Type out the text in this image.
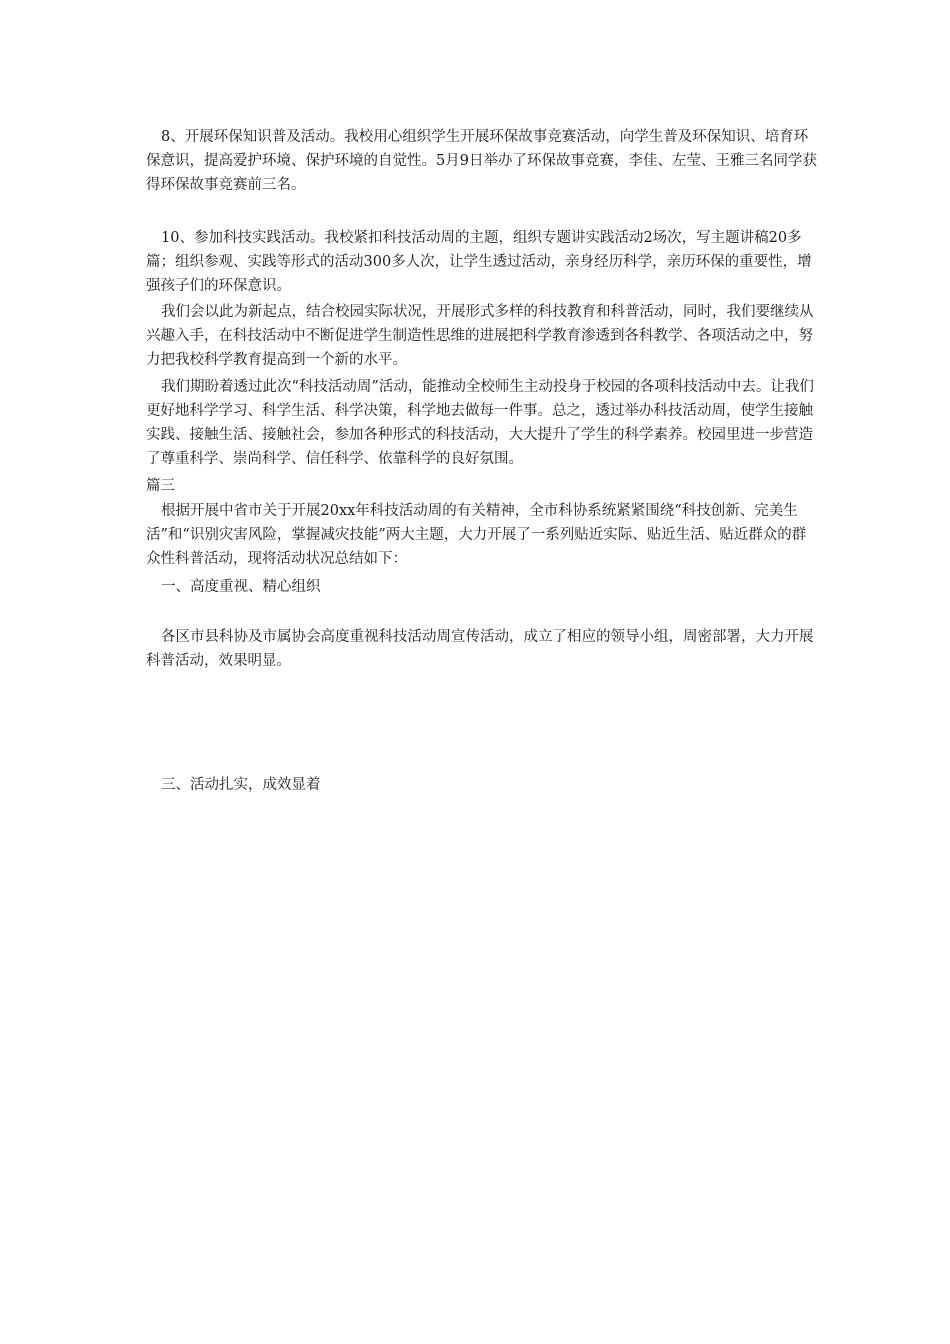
8、开展环保知识普及活动。我校用心组织学生开展环保故事竞赛活动，向学生普及环保知识、培育环保意识，提高爱护环境、保护环境的自觉性。5月9日举办了环保故事竞赛，李佳、左莹、王雅三名同学获得环保故事竞赛前三名。

10、参加科技实践活动。我校紧扣科技活动周的主题，组织专题讲实践活动2场次，写主题讲稿20多篇；组织参观、实践等形式的活动300多人次，让学生透过活动，亲身经历科学，亲历环保的重要性，增强孩子们的环保意识。

我们会以此为新起点，结合校园实际状况，开展形式多样的科技教育和科普活动，同时，我们要继续从兴趣入手，在科技活动中不断促进学生制造性思维的进展把科学教育渗透到各科教学、各项活动之中，努力把我校科学教育提高到一个新的水平。

我们期盼着透过此次“科技活动周”活动，能推动全校师生主动投身于校园的各项科技活动中去。让我们更好地科学学习、科学生活、科学决策，科学地去做每一件事。总之，透过举办科技活动周，使学生接触实践、接触生活、接触社会，参加各种形式的科技活动，大大提升了学生的科学素养。校园里进一步营造了尊重科学、崇尚科学、信任科学、依靠科学的良好氛围。

篇三

根据开展中省市关于开展20xx年科技活动周的有关精神，全市科协系统紧紧围绕“科技创新、完美生活”和“识别灾害风险，掌握减灾技能”两大主题，大力开展了一系列贴近实际、贴近生活、贴近群众的群众性科普活动，现将活动状况总结如下：

一、高度重视、精心组织

各区市县科协及市属协会高度重视科技活动周宣传活动，成立了相应的领导小组，周密部署，大力开展科普活动，效果明显。

三、活动扎实，成效显着
